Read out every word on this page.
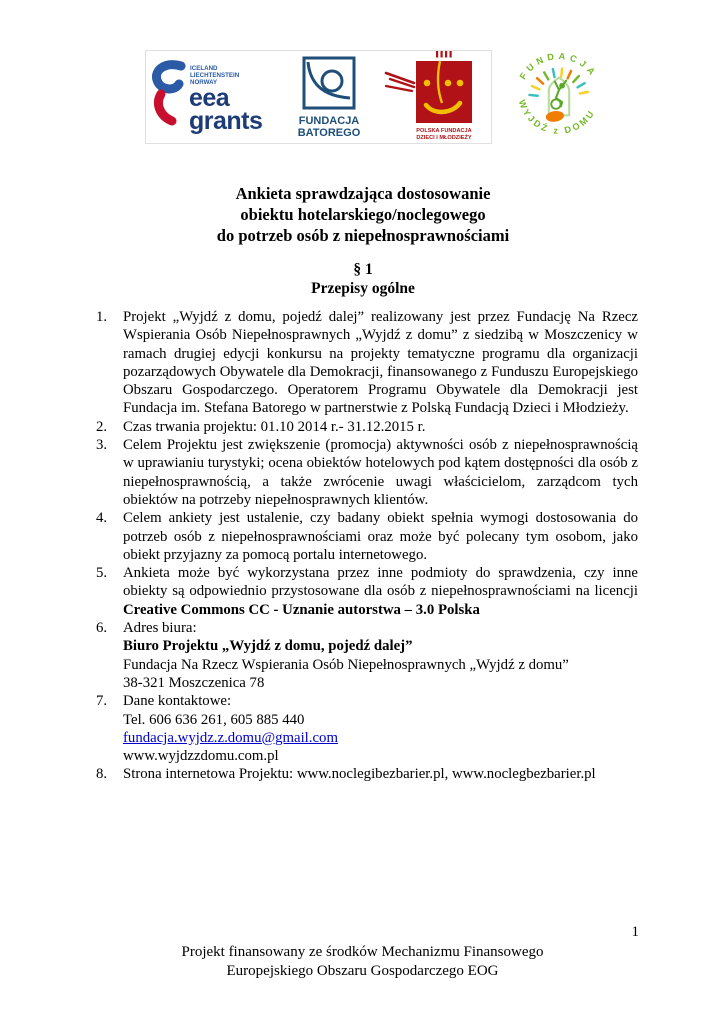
ICELAND
LIECHTENSTEIN
NORWAY
eea
grants	FUNDACJA
BATOREGO	POLSKA FUNDACJA
DZIECI I MŁODZIEŻY
FUNDACJA
WYJDŹ z DOMU
Ankieta sprawdzająca dostosowanie
obiektu hotelarskiego/noclegowego
do potrzeb osób z niepełnosprawnościami
§ 1
Przepisy ogólne
1.	Projekt „Wyjdź z domu, pojedź dalej” realizowany jest przez Fundację Na Rzecz Wspierania Osób Niepełnosprawnych „Wyjdź z domu” z siedzibą w Moszczenicy w ramach drugiej edycji konkursu na projekty tematyczne programu dla organizacji pozarządowych Obywatele dla Demokracji, finansowanego z Funduszu Europejskiego Obszaru Gospodarczego. Operatorem Programu Obywatele dla Demokracji jest Fundacja im. Stefana Batorego w partnerstwie z Polską Fundacją Dzieci i Młodzieży.
2.	Czas trwania projektu: 01.10 2014 r.- 31.12.2015 r.
3.	Celem Projektu jest zwiększenie (promocja) aktywności osób z niepełnosprawnością w uprawianiu turystyki; ocena obiektów hotelowych pod kątem dostępności dla osób z niepełnosprawnością, a także zwrócenie uwagi właścicielom, zarządcom tych obiektów na potrzeby niepełnosprawnych klientów.
4.	Celem ankiety jest ustalenie, czy badany obiekt spełnia wymogi dostosowania do potrzeb osób z niepełnosprawnościami oraz może być polecany tym osobom, jako obiekt przyjazny za pomocą portalu internetowego.
5.	Ankieta może być wykorzystana przez inne podmioty do sprawdzenia, czy inne obiekty są odpowiednio przystosowane dla osób z niepełnosprawnościami na licencji Creative Commons CC - Uznanie autorstwa – 3.0 Polska
6.	Adres biura:
Biuro Projektu „Wyjdź z domu, pojedź dalej”
Fundacja Na Rzecz Wspierania Osób Niepełnosprawnych „Wyjdź z domu”
38-321 Moszczenica 78
7.	Dane kontaktowe:
Tel. 606 636 261, 605 885 440
fundacja.wyjdz.z.domu@gmail.com
www.wyjdzzdomu.com.pl
8.	Strona internetowa Projektu: www.noclegibezbarier.pl, www.noclegbezbarier.pl
1
Projekt finansowany ze środków Mechanizmu Finansowego
Europejskiego Obszaru Gospodarczego EOG
